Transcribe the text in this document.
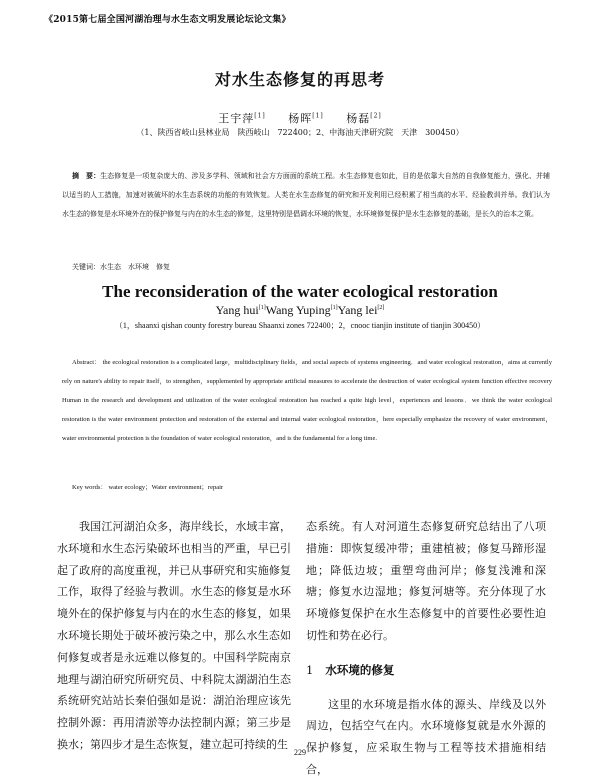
《2015第七届全国河湖治理与水生态文明发展论坛论文集》
对水生态修复的再思考
王宇萍[1] 杨晖[1] 杨磊[2]
（1、陕西省岐山县林业局　陕西岐山　722400；2、中海油天津研究院　天津　300450）
摘　要：生态修复是一项复杂庞大的、涉及多学科、领域和社会方方面面的系统工程。水生态修复也如此，目的是依靠大自然的自我修复能力，强化、并辅以适当的人工措施，加速对被破坏的水生态系统的功能的有效恢复。人类在水生态修复的研究和开发利用已经积累了相当高的水平、经验教训并举。我们认为水生态的修复是水环境外在的保护修复与内在的水生态的修复，这里特别是倡调水环境的恢复，水环境修复保护是水生态修复的基础，是长久的治本之策。
关键词：水生态　水环境　修复
The reconsideration of the water ecological restoration
Yang hui[1]Wang Yuping[1]Yang lei[2]
（1，shaanxi qishan county forestry bureau Shaanxi zones 722400；2，cnooc tianjin institute of tianjin 300450）
Abstract： the ecological restoration is a complicated large，multidisciplinary fields，and social aspects of systems engineering．and water ecological restoration，aims at currently rely on nature's ability to repair itself，to strengthen，supplemented by appropriate artificial measures to accelerate the destruction of water ecological system function effective recovery Human in the research and development and utilization of the water ecological restoration has reached a quite high level，experiences and lessons．we think the water ecological restoration is the water environment protection and restoration of the external and internal water ecological restoration，here especially emphasize the recovery of water environment，water environmental protection is the foundation of water ecological restoration，and is the fundamental for a long time.
Key words： water ecology；Water environment；repair

我国江河湖泊众多，海岸线长，水域丰富，水环境和水生态污染破坏也相当的严重，早已引起了政府的高度重视，并已从事研究和实施修复工作，取得了经验与教训。水生态的修复是水环境外在的保护修复与内在的水生态的修复，如果水环境长期处于破坏被污染之中，那么水生态如何修复或者是永远难以修复的。中国科学院南京地理与湖泊研究所研究员、中科院太湖湖泊生态系统研究站站长秦伯强如是说：湖泊治理应该先控制外源：再用清淤等办法控制内源；第三步是换水；第四步才是生态恢复，建立起可持续的生

态系统。有人对河道生态修复研究总结出了八项措施：即恢复缓冲带；重建植被；修复马蹄形湿地；降低边坡；重塑弯曲河岸；修复浅滩和深塘；修复水边湿地；修复河塘等。充分体现了水环境修复保护在水生态修复中的首要性必要性迫切性和势在必行。

1 水环境的修复

这里的水环境是指水体的源头、岸线及以外周边，包括空气在内。水环境修复就是水外源的保护修复，应采取生物与工程等技术措施相结合，

229
